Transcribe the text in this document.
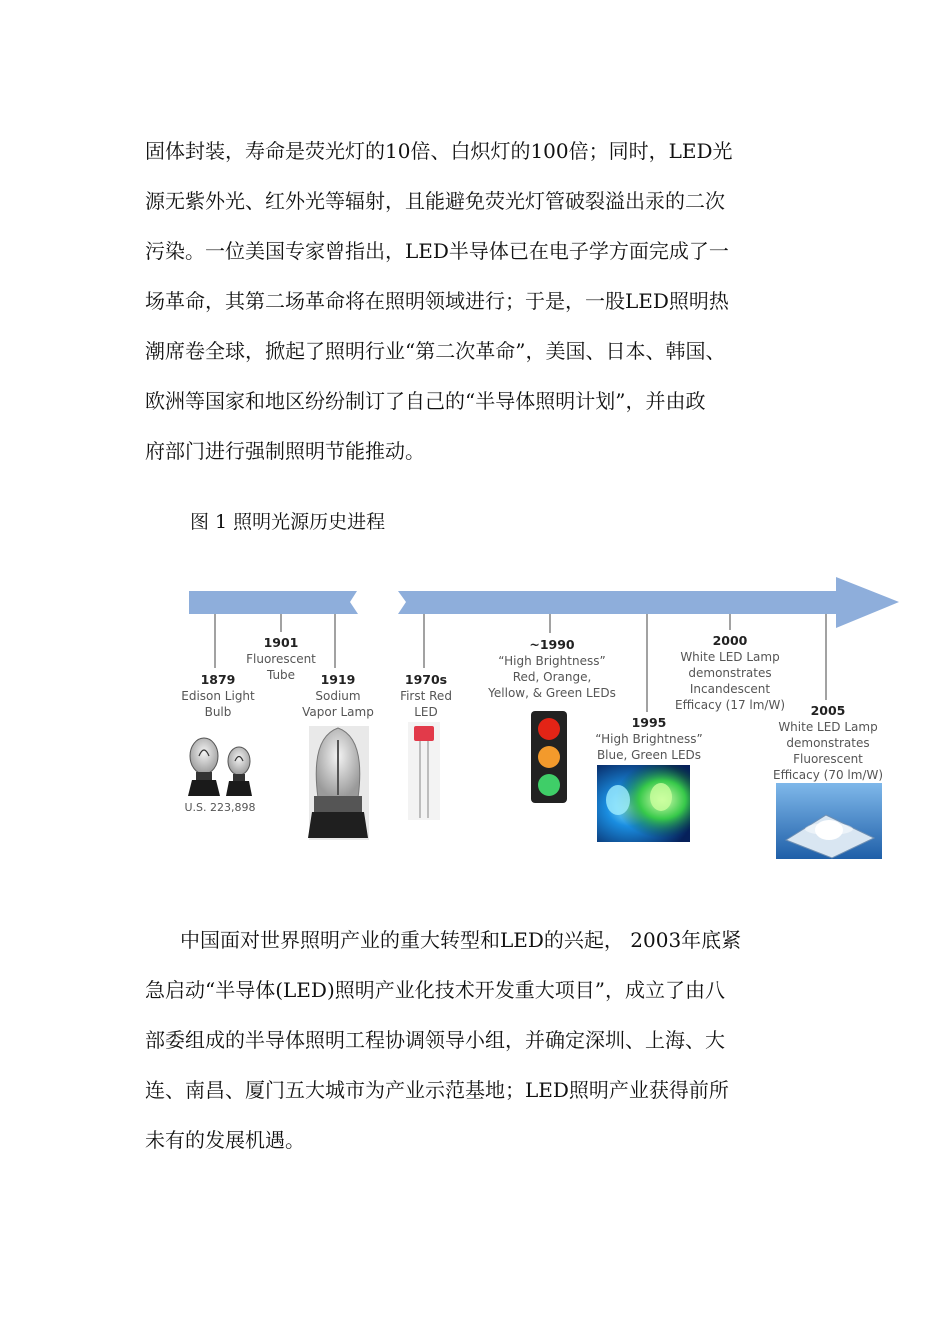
固体封装，寿命是荧光灯的10倍、白炽灯的100倍；同时，LED光
源无紫外光、红外光等辐射，且能避免荧光灯管破裂溢出汞的二次
污染。一位美国专家曾指出，LED半导体已在电子学方面完成了一
场革命，其第二场革命将在照明领域进行；于是，一股LED照明热
潮席卷全球，掀起了照明行业“第二次革命”，美国、日本、韩国、
欧洲等国家和地区纷纷制订了自己的“半导体照明计划”，并由政
府部门进行强制照明节能推动。
图 1 照明光源历史进程
1879
Edison Light
Bulb
1901
Fluorescent
Tube 1919
Sodium
Vapor Lamp
1970s
First Red
LED
~1990
“High Brightness”
Red, Orange,
Yellow, & Green LEDs
1995
“High Brightness”
Blue, Green LEDs
2000
White LED Lamp
demonstrates
Incandescent
Efficacy (17 lm/W) 2005
White LED Lamp
demonstrates
Fluorescent
Efficacy (70 lm/W)
U.S. 223,898
中国面对世界照明产业的重大转型和LED的兴起， 2003年底紧
急启动“半导体(LED)照明产业化技术开发重大项目”，成立了由八
部委组成的半导体照明工程协调领导小组，并确定深圳、上海、大
连、南昌、厦门五大城市为产业示范基地；LED照明产业获得前所
未有的发展机遇。
